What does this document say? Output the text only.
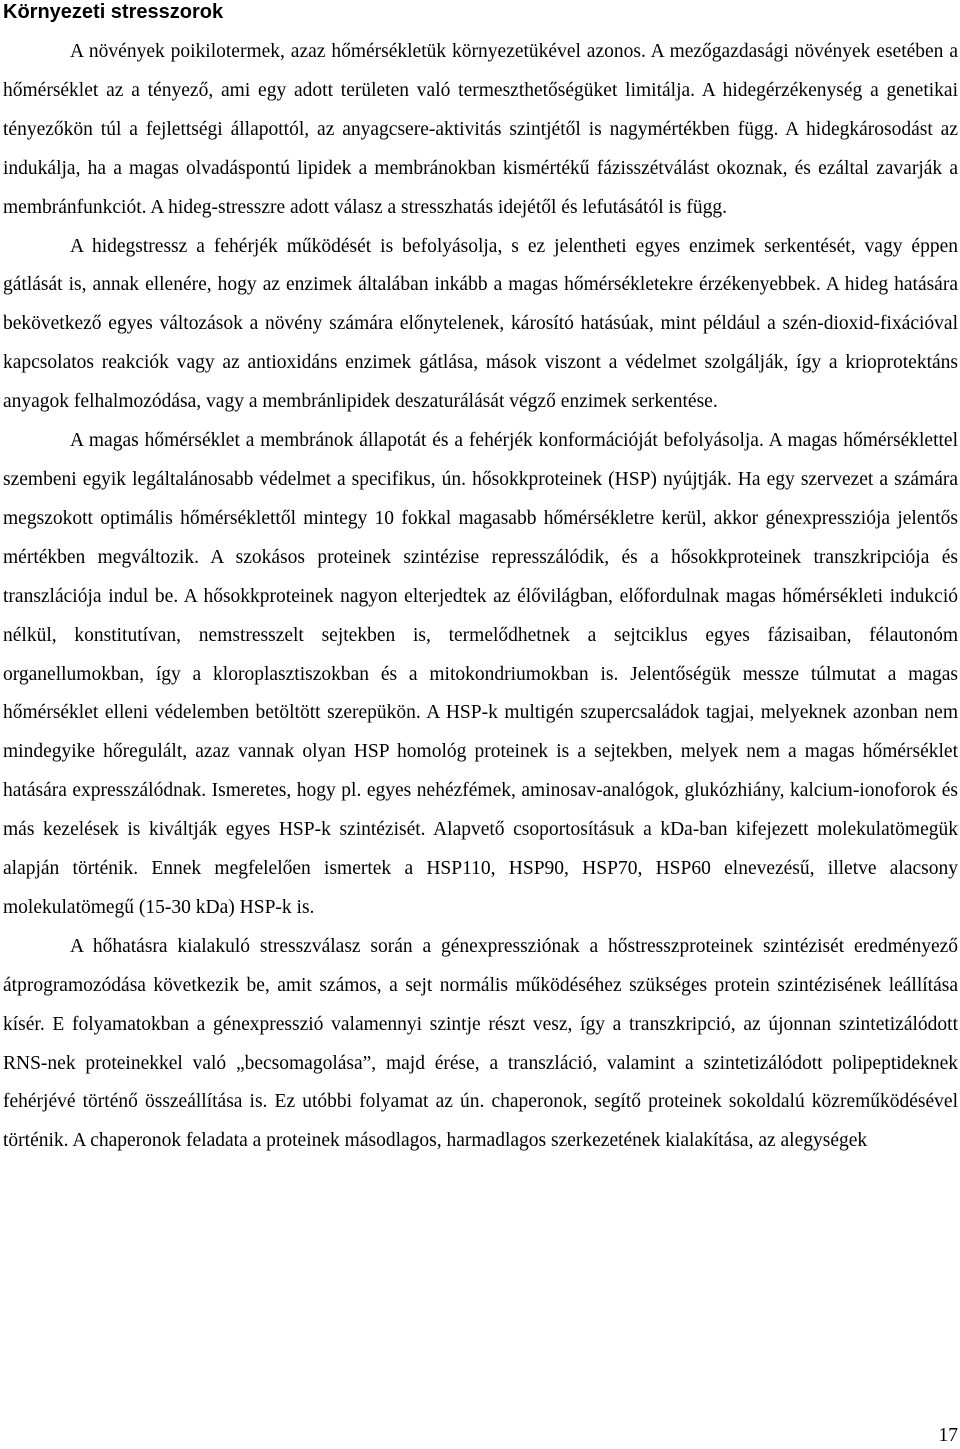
Környezeti stresszorok

A növények poikilotermek, azaz hőmérsékletük környezetükével azonos. A mezőgazdasági növények esetében a hőmérséklet az a tényező, ami egy adott területen való termeszthetőségüket limitálja. A hidegérzékenység a genetikai tényezőkön túl a fejlettségi állapottól, az anyagcsere-aktivitás szintjétől is nagymértékben függ. A hidegkárosodást az indukálja, ha a magas olvadáspontú lipidek a membránokban kismértékű fázisszétválást okoznak, és ezáltal zavarják a membránfunkciót. A hideg-stresszre adott válasz a stresszhatás idejétől és lefutásától is függ.

A hidegstressz a fehérjék működését is befolyásolja, s ez jelentheti egyes enzimek serkentését, vagy éppen gátlását is, annak ellenére, hogy az enzimek általában inkább a magas hőmérsékletekre érzékenyebbek. A hideg hatására bekövetkező egyes változások a növény számára előnytelenek, károsító hatásúak, mint például a szén-dioxid-fixációval kapcsolatos reakciók vagy az antioxidáns enzimek gátlása, mások viszont a védelmet szolgálják, így a krioprotektáns anyagok felhalmozódása, vagy a membránlipidek deszaturálását végző enzimek serkentése.

A magas hőmérséklet a membránok állapotát és a fehérjék konformációját befolyásolja. A magas hőmérséklettel szembeni egyik legáltalánosabb védelmet a specifikus, ún. hősokkproteinek (HSP) nyújtják. Ha egy szervezet a számára megszokott optimális hőmérséklettől mintegy 10 fokkal magasabb hőmérsékletre kerül, akkor génexpressziója jelentős mértékben megváltozik. A szokásos proteinek szintézise represszálódik, és a hősokkproteinek transzkripciója és transzlációja indul be. A hősokkproteinek nagyon elterjedtek az élővilágban, előfordulnak magas hőmérsékleti indukció nélkül, konstitutívan, nemstresszelt sejtekben is, termelődhetnek a sejtciklus egyes fázisaiban, félautonóm organellumokban, így a kloroplasztiszokban és a mitokondriumokban is. Jelentőségük messze túlmutat a magas hőmérséklet elleni védelemben betöltött szerepükön. A HSP-k multigén szupercsaládok tagjai, melyeknek azonban nem mindegyike hőregulált, azaz vannak olyan HSP homológ proteinek is a sejtekben, melyek nem a magas hőmérséklet hatására expresszálódnak. Ismeretes, hogy pl. egyes nehézfémek, aminosav-analógok, glukózhiány, kalcium-ionoforok és más kezelések is kiváltják egyes HSP-k szintézisét. Alapvető csoportosításuk a kDa-ban kifejezett molekulatömegük alapján történik. Ennek megfelelően ismertek a HSP110, HSP90, HSP70, HSP60 elnevezésű, illetve alacsony molekulatömegű (15-30 kDa) HSP-k is.

A hőhatásra kialakuló stresszválasz során a génexpressziónak a hőstresszproteinek szintézisét eredményező átprogramozódása következik be, amit számos, a sejt normális működéséhez szükséges protein szintézisének leállítása kísér. E folyamatokban a génexpresszió valamennyi szintje részt vesz, így a transzkripció, az újonnan szintetizálódott RNS-nek proteinekkel való „becsomagolása”, majd érése, a transzláció, valamint a szintetizálódott polipeptideknek fehérjévé történő összeállítása is. Ez utóbbi folyamat az ún. chaperonok, segítő proteinek sokoldalú közreműködésével történik. A chaperonok feladata a proteinek másodlagos, harmadlagos szerkezetének kialakítása, az alegységek

17
